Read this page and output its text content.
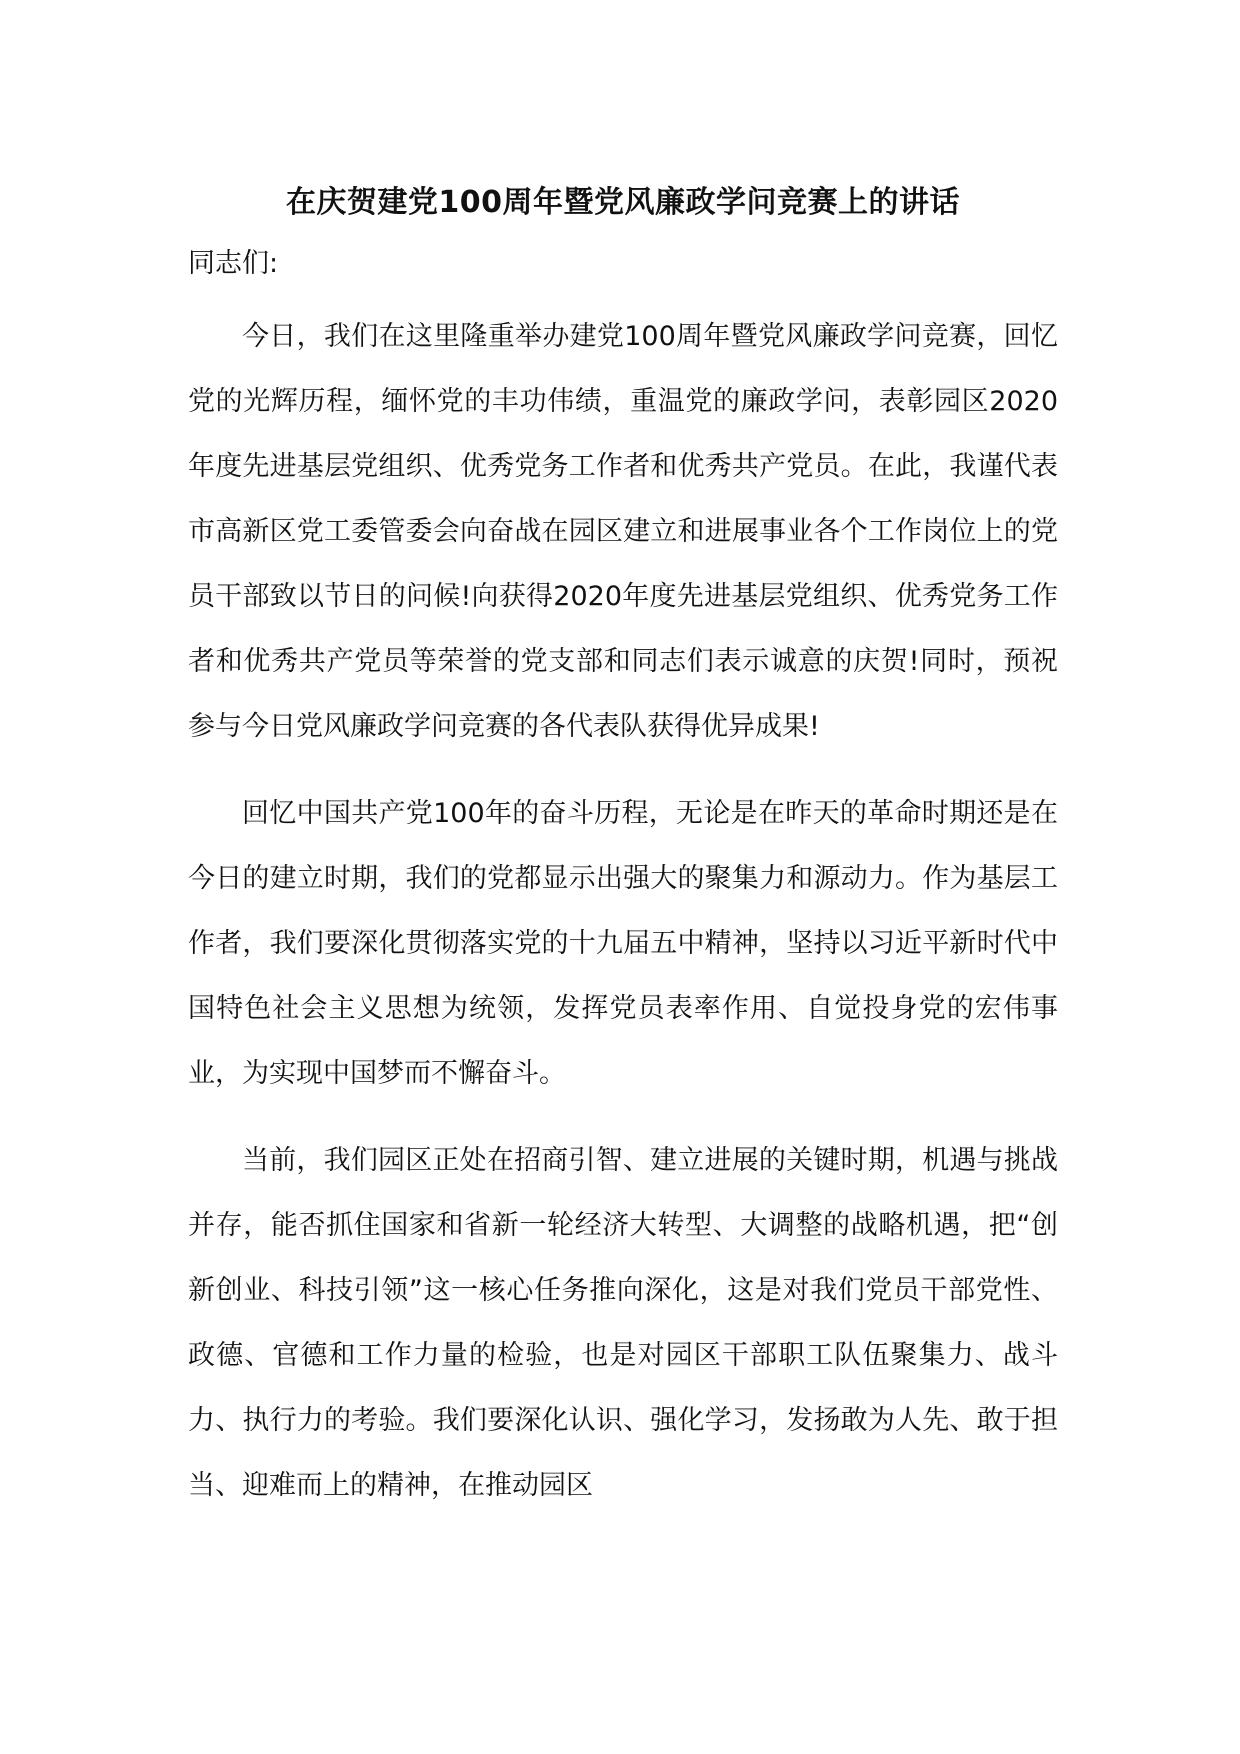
在庆贺建党100周年暨党风廉政学问竞赛上的讲话

同志们:

今日，我们在这里隆重举办建党100周年暨党风廉政学问竞赛，回忆党的光辉历程，缅怀党的丰功伟绩，重温党的廉政学问，表彰园区2020年度先进基层党组织、优秀党务工作者和优秀共产党员。在此，我谨代表市高新区党工委管委会向奋战在园区建立和进展事业各个工作岗位上的党员干部致以节日的问候!向获得2020年度先进基层党组织、优秀党务工作者和优秀共产党员等荣誉的党支部和同志们表示诚意的庆贺!同时，预祝参与今日党风廉政学问竞赛的各代表队获得优异成果!

回忆中国共产党100年的奋斗历程，无论是在昨天的革命时期还是在今日的建立时期，我们的党都显示出强大的聚集力和源动力。作为基层工作者，我们要深化贯彻落实党的十九届五中精神，坚持以习近平新时代中国特色社会主义思想为统领，发挥党员表率作用、自觉投身党的宏伟事业，为实现中国梦而不懈奋斗。

当前，我们园区正处在招商引智、建立进展的关键时期，机遇与挑战并存，能否抓住国家和省新一轮经济大转型、大调整的战略机遇，把“创新创业、科技引领”这一核心任务推向深化，这是对我们党员干部党性、政德、官德和工作力量的检验，也是对园区干部职工队伍聚集力、战斗力、执行力的考验。我们要深化认识、强化学习，发扬敢为人先、敢于担当、迎难而上的精神，在推动园区
